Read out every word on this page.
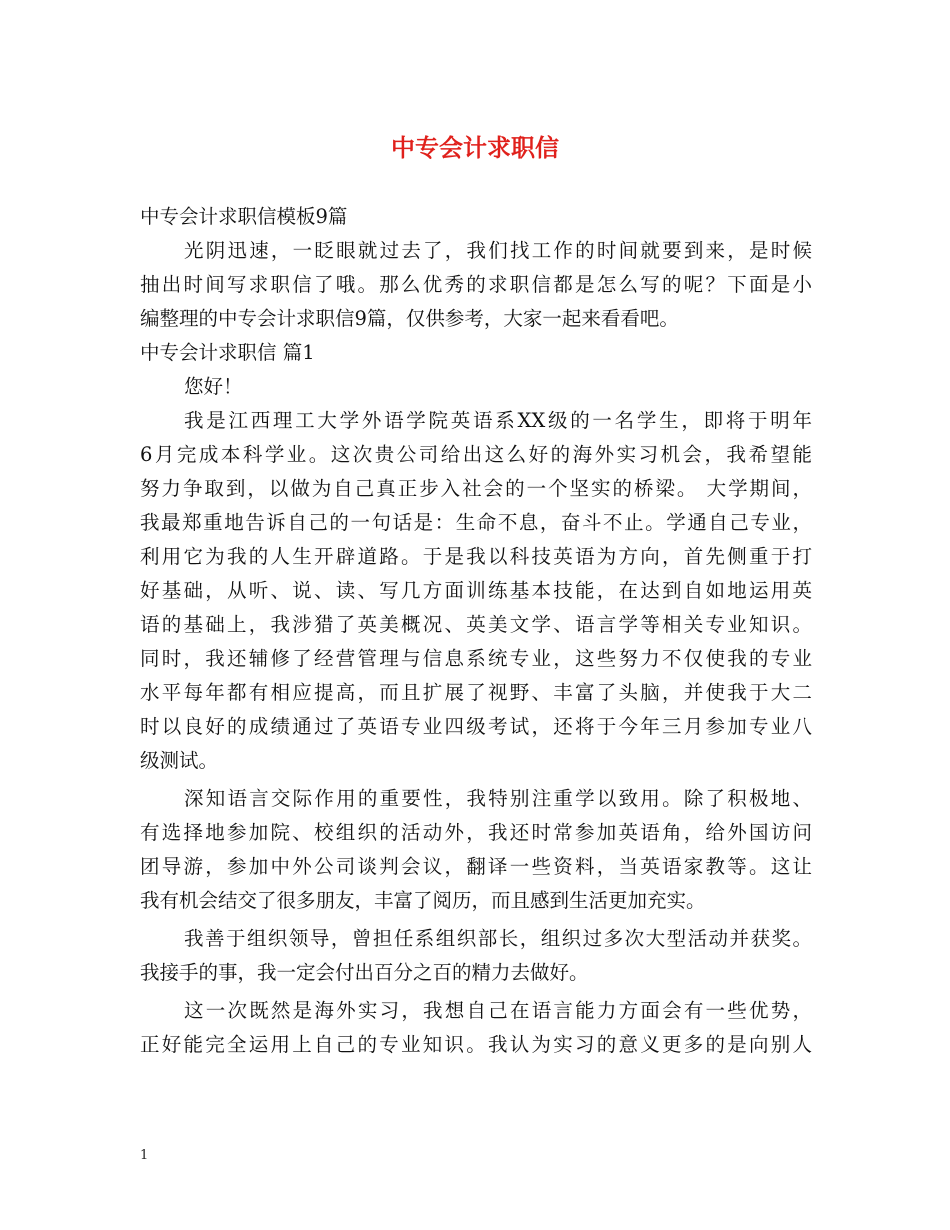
中专会计求职信
中专会计求职信模板9篇
光阴迅速，一眨眼就过去了，我们找工作的时间就要到来，是时候
抽出时间写求职信了哦。那么优秀的求职信都是怎么写的呢？下面是小
编整理的中专会计求职信9篇，仅供参考，大家一起来看看吧。
中专会计求职信 篇1
您好！
我是江西理工大学外语学院英语系XX级的一名学生，即将于明年
6月完成本科学业。这次贵公司给出这么好的海外实习机会，我希望能
努力争取到，以做为自己真正步入社会的一个坚实的桥梁。 大学期间，
我最郑重地告诉自己的一句话是：生命不息，奋斗不止。学通自己专业，
利用它为我的人生开辟道路。于是我以科技英语为方向，首先侧重于打
好基础，从听、说、读、写几方面训练基本技能，在达到自如地运用英
语的基础上，我涉猎了英美概况、英美文学、语言学等相关专业知识。
同时，我还辅修了经营管理与信息系统专业，这些努力不仅使我的专业
水平每年都有相应提高，而且扩展了视野、丰富了头脑，并使我于大二
时以良好的成绩通过了英语专业四级考试，还将于今年三月参加专业八
级测试。
深知语言交际作用的重要性，我特别注重学以致用。除了积极地、
有选择地参加院、校组织的活动外，我还时常参加英语角，给外国访问
团导游，参加中外公司谈判会议，翻译一些资料，当英语家教等。这让
我有机会结交了很多朋友，丰富了阅历，而且感到生活更加充实。
我善于组织领导，曾担任系组织部长，组织过多次大型活动并获奖。
我接手的事，我一定会付出百分之百的精力去做好。
这一次既然是海外实习，我想自己在语言能力方面会有一些优势，
正好能完全运用上自己的专业知识。我认为实习的意义更多的是向别人
1
